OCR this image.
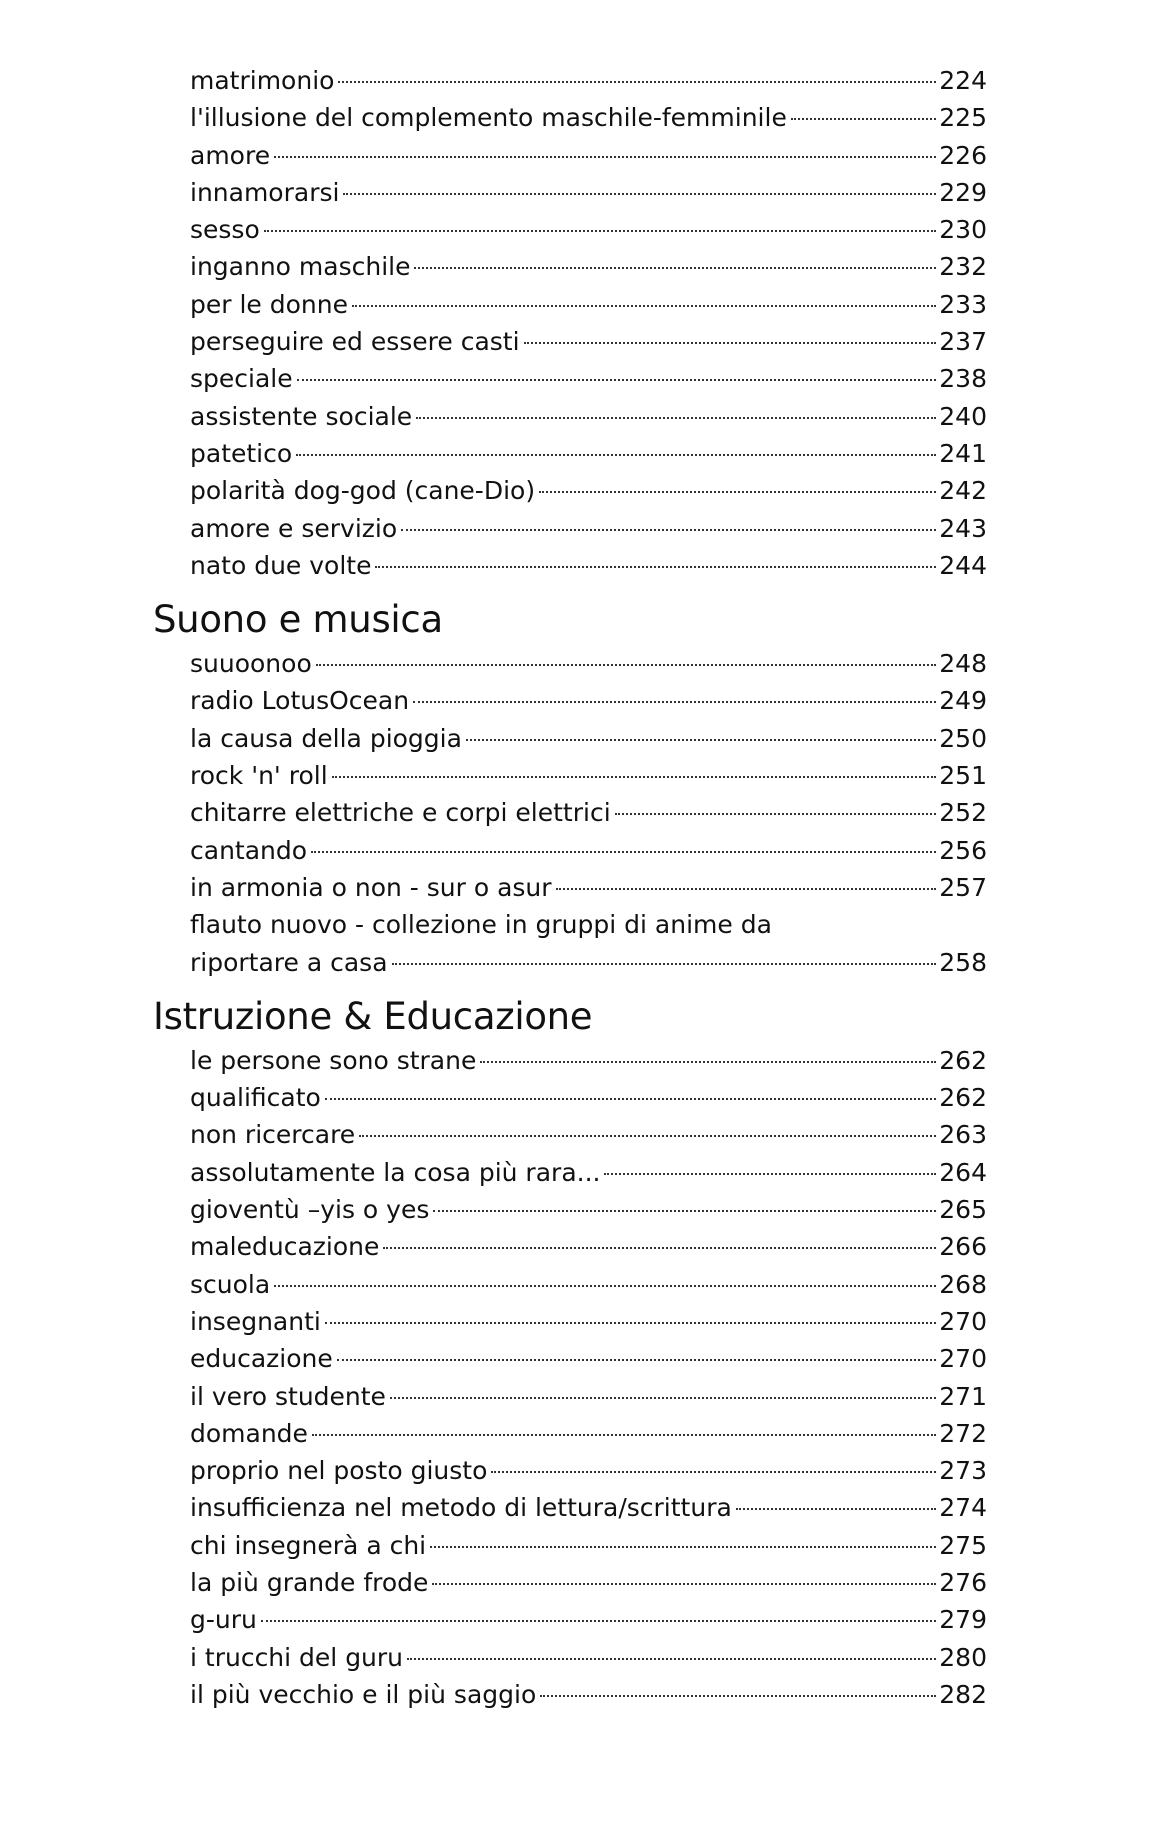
matrimonio	224
l'illusione del complemento maschile-femminile	225
amore	226
innamorarsi	229
sesso	230
inganno maschile	232
per le donne	233
perseguire ed essere casti	237
speciale	238
assistente sociale	240
patetico	241
polarità dog-god (cane-Dio)	242
amore e servizio	243
nato due volte	244
Suono e musica
suuoonoo	248
radio LotusOcean	249
la causa della pioggia	250
rock 'n' roll	251
chitarre elettriche e corpi elettrici	252
cantando	256
in armonia o non - sur o asur	257
flauto nuovo - collezione in gruppi di anime da
riportare a casa	258
Istruzione & Educazione
le persone sono strane	262
qualificato	262
non ricercare	263
assolutamente la cosa più rara...	264
gioventù –yis o yes	265
maleducazione	266
scuola	268
insegnanti	270
educazione	270
il vero studente	271
domande	272
proprio nel posto giusto	273
insufficienza nel metodo di lettura/scrittura	274
chi insegnerà a chi	275
la più grande frode	276
g-uru	279
i trucchi del guru	280
il più vecchio e il più saggio	282
